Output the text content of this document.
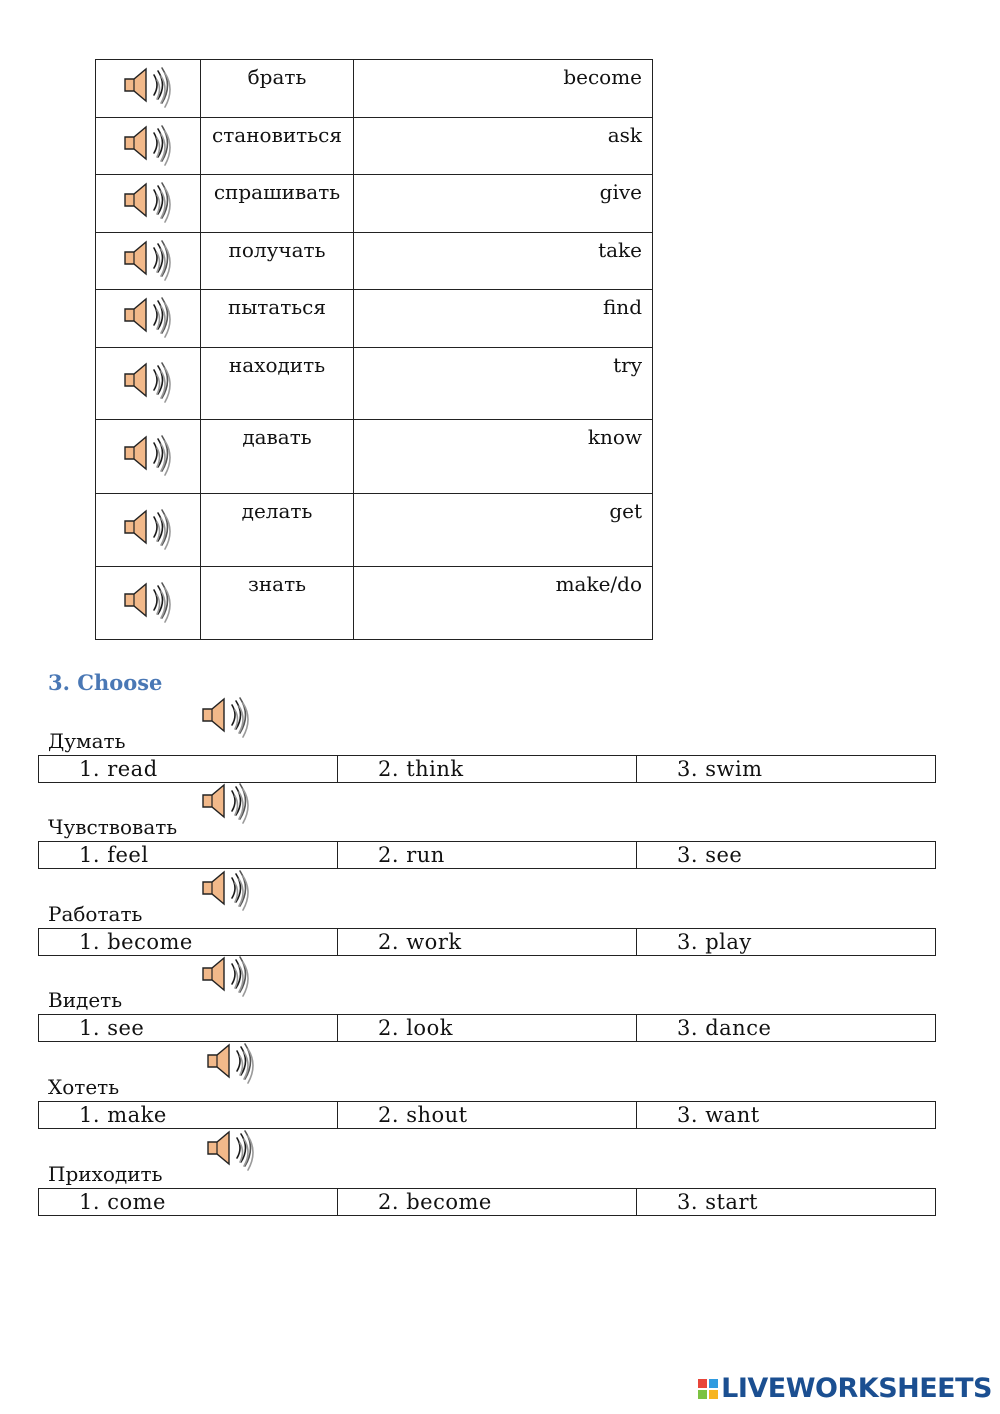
	брать	become

	становиться	ask

	спрашивать	give

	получать	take

	пытаться	find

	находить	try

	давать	know

	делать	get

	знать	make/do
3. Choose
Думать
1. read	2. think	3. swim
Чувствовать
1. feel	2. run	3. see
Работать
1. become	2. work	3. play
Видеть
1. see	2. look	3. dance
Хотеть
1. make	2. shout	3. want
Приходить
1. come	2. become	3. start
LIVEWORKSHEETS
